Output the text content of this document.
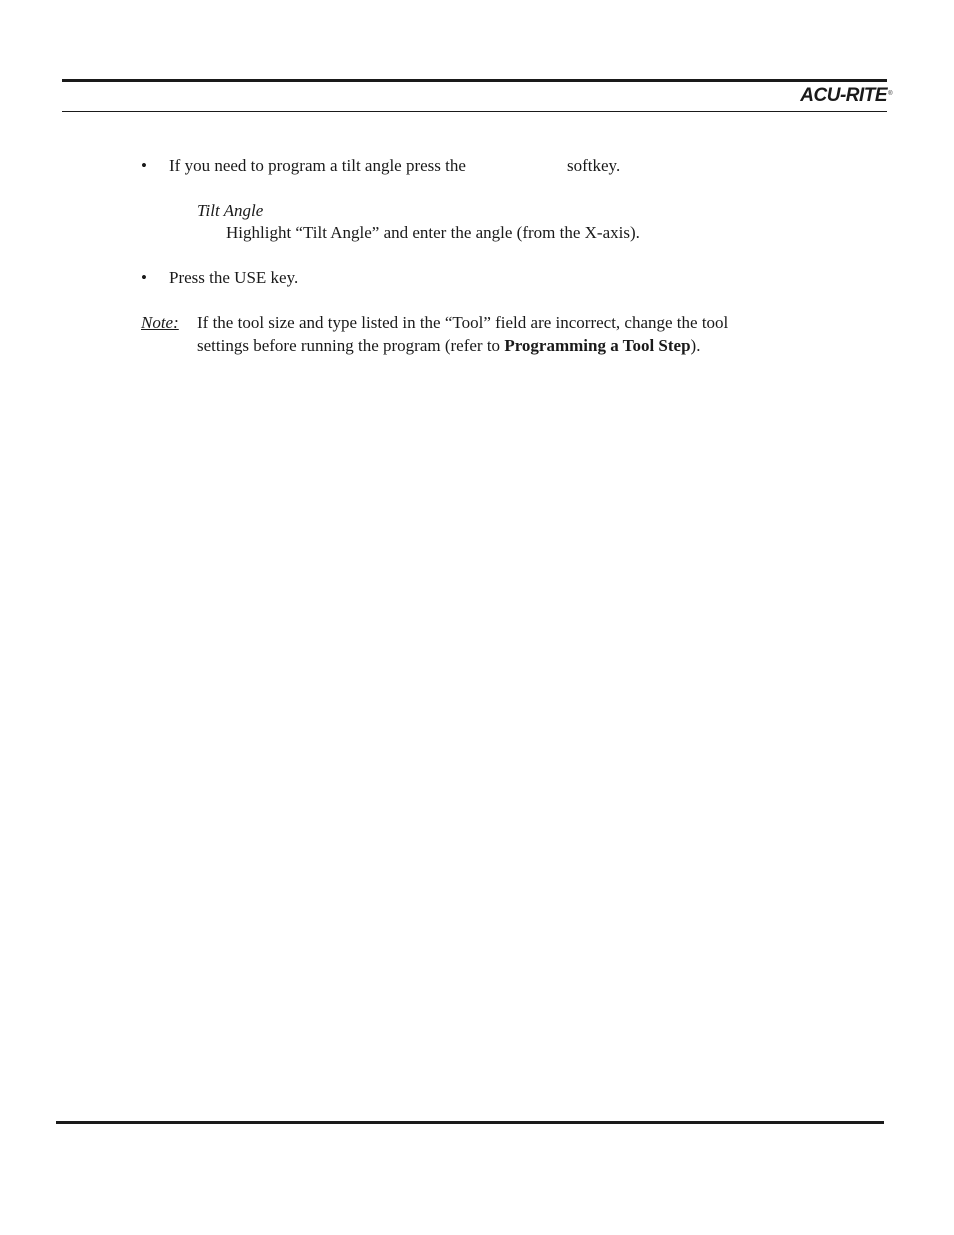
ACU-RITE®
• If you need to program a tilt angle press the	softkey.
Tilt Angle
Highlight “Tilt Angle” and enter the angle (from the X-axis).
• Press the USE key.
Note: If the tool size and type listed in the “Tool” field are incorrect, change the tool
settings before running the program (refer to Programming a Tool Step).
